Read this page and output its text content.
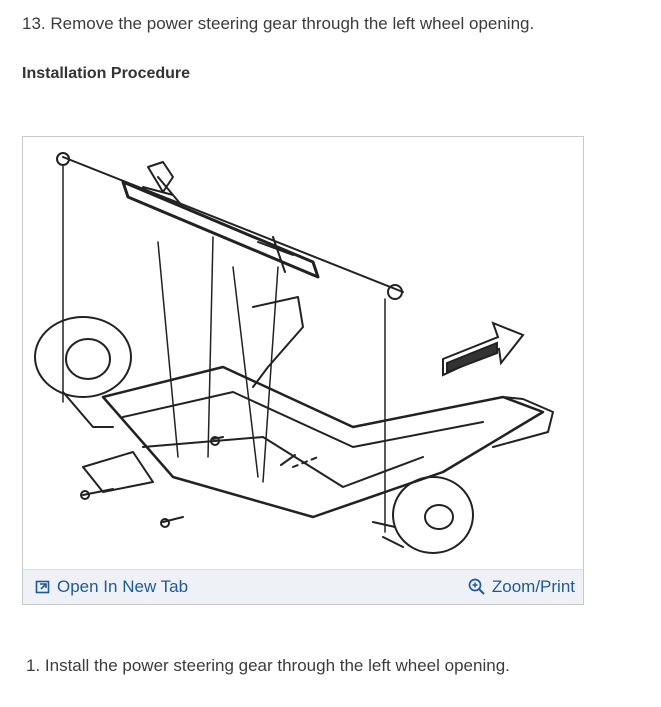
13. Remove the power steering gear through the left wheel opening.
Installation Procedure
Open In New Tab	Zoom/Print
1. Install the power steering gear through the left wheel opening.
